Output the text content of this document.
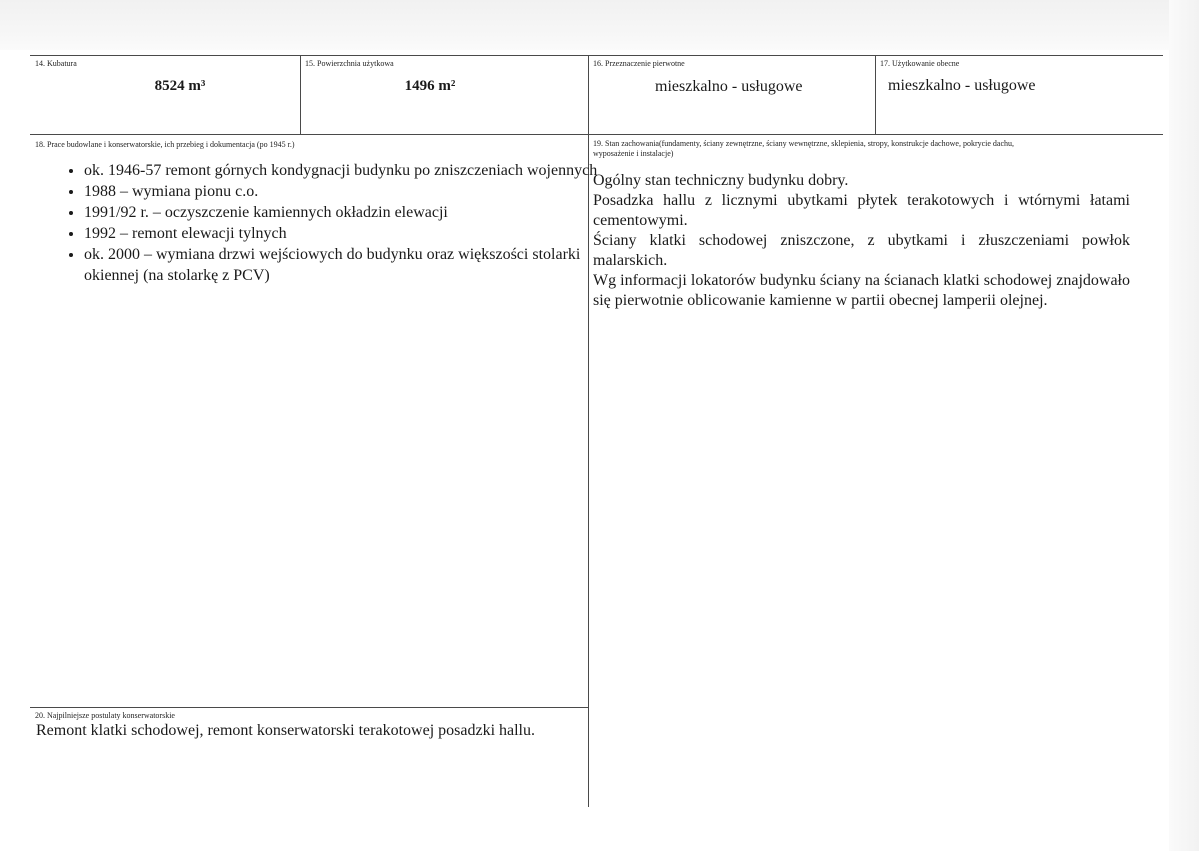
14. Kubatura
8524 m³
15. Powierzchnia użytkowa
1496 m²
16. Przeznaczenie pierwotne
mieszkalno - usługowe
17. Użytkowanie obecne
mieszkalno - usługowe
18. Prace budowlane i konserwatorskie, ich przebieg i dokumentacja (po 1945 r.)
• ok. 1946-57 remont górnych kondygnacji budynku po zniszczeniach wojennych
• 1988 – wymiana pionu c.o.
• 1991/92 r. – oczyszczenie kamiennych okładzin elewacji
• 1992 – remont elewacji tylnych
• ok. 2000 – wymiana drzwi wejściowych do budynku oraz większości stolarki okiennej (na stolarkę z PCV)
19. Stan zachowania(fundamenty, ściany zewnętrzne, ściany wewnętrzne, sklepienia, stropy, konstrukcje dachowe, pokrycie dachu,
wyposażenie i instalacje)

Ogólny stan techniczny budynku dobry.

Posadzka hallu z licznymi ubytkami płytek terakotowych i wtórnymi łatami cementowymi.

Ściany klatki schodowej zniszczone, z ubytkami i złuszczeniami powłok malarskich.

Wg informacji lokatorów budynku ściany na ścianach klatki schodowej znajdowało się pierwotnie oblicowanie kamienne w partii obecnej lamperii olejnej.

20. Najpilniejsze postulaty konserwatorskie
Remont klatki schodowej, remont konserwatorski terakotowej posadzki hallu.
